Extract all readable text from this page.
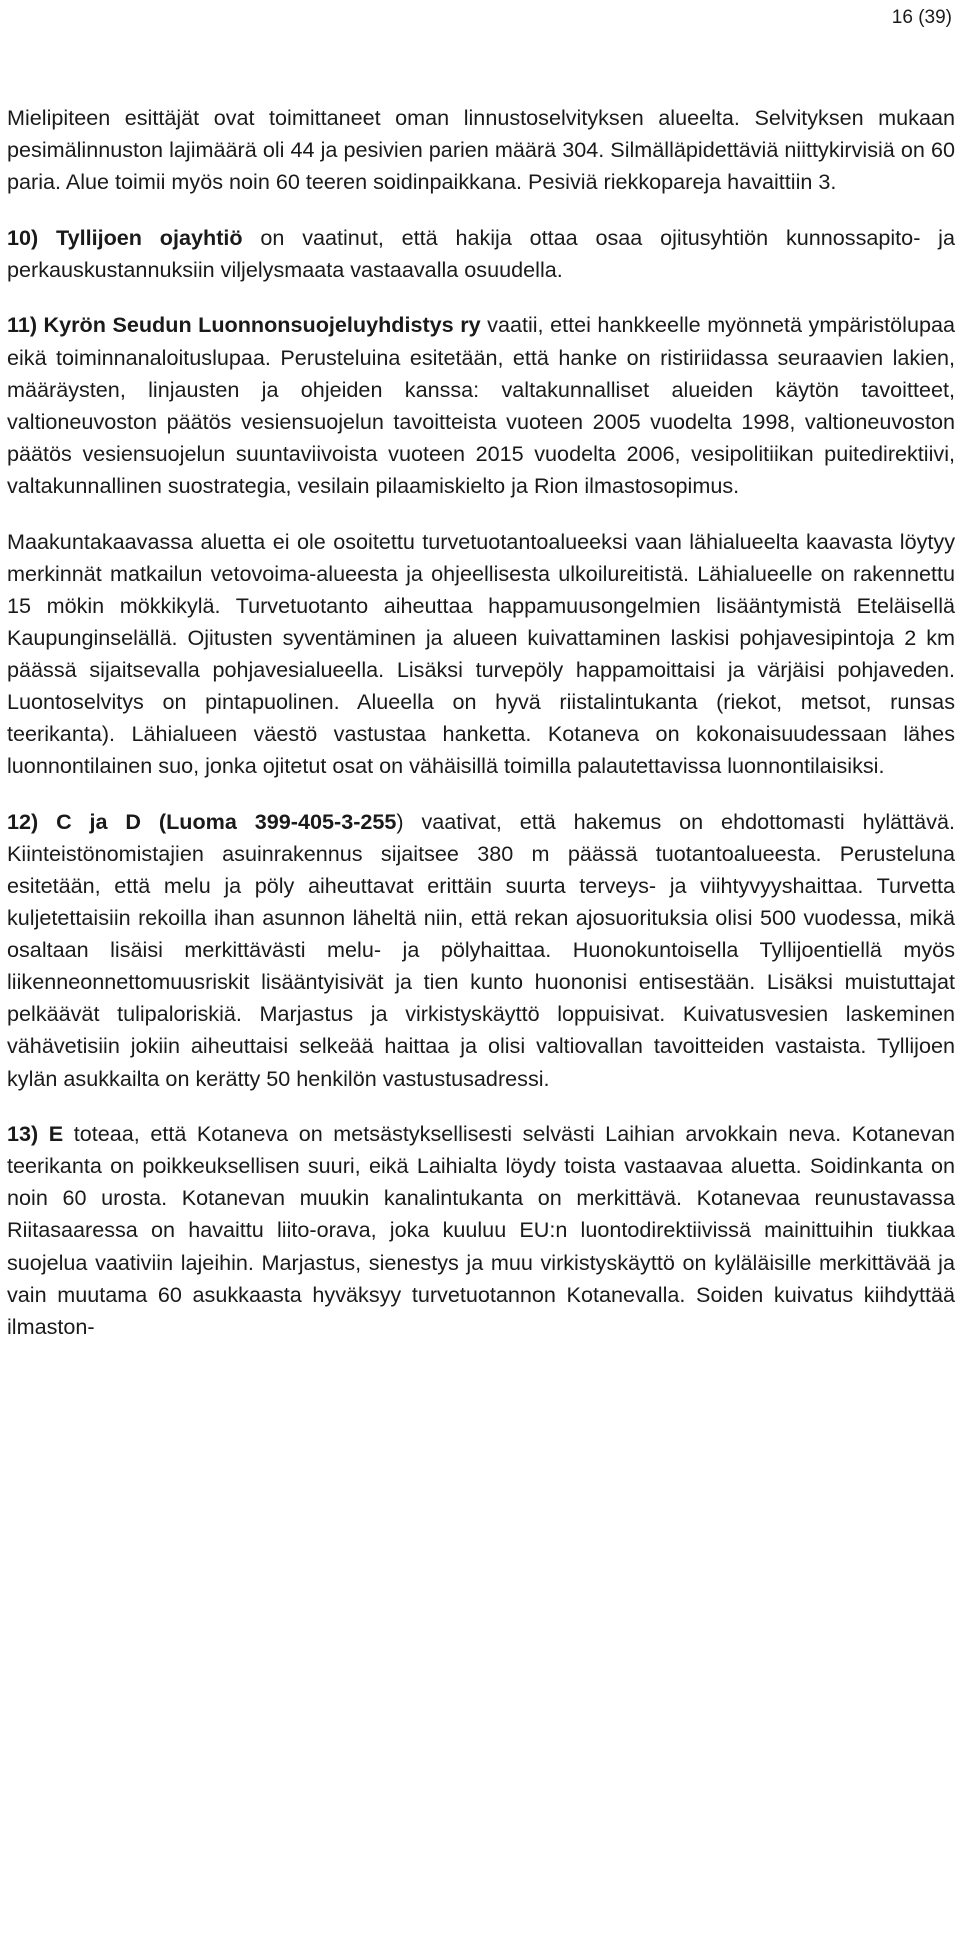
16 (39)

Mielipiteen esittäjät ovat toimittaneet oman linnustoselvityksen alueelta. Selvityksen mukaan pesimälinnuston lajimäärä oli 44 ja pesivien parien määrä 304. Silmälläpidettäviä niittykirvisiä on 60 paria. Alue toimii myös noin 60 teeren soidinpaikkana. Pesiviä riekkopareja havaittiin 3.

10) Tyllijoen ojayhtiö on vaatinut, että hakija ottaa osaa ojitusyhtiön kunnossapito- ja perkauskustannuksiin viljelysmaata vastaavalla osuudella.

11) Kyrön Seudun Luonnonsuojeluyhdistys ry vaatii, ettei hankkeelle myönnetä ympäristölupaa eikä toiminnanaloituslupaa. Perusteluina esitetään, että hanke on ristiriidassa seuraavien lakien, määräysten, linjausten ja ohjeiden kanssa: valtakunnalliset alueiden käytön tavoitteet, valtioneuvoston päätös vesiensuojelun tavoitteista vuoteen 2005 vuodelta 1998, valtioneuvoston päätös vesiensuojelun suuntaviivoista vuoteen 2015 vuodelta 2006, vesipolitiikan puitedirektiivi, valtakunnallinen suostrategia, vesilain pilaamiskielto ja Rion ilmastosopimus.

Maakuntakaavassa aluetta ei ole osoitettu turvetuotantoalueeksi vaan lähialueelta kaavasta löytyy merkinnät matkailun vetovoima-alueesta ja ohjeellisesta ulkoilureitistä. Lähialueelle on rakennettu 15 mökin mökkikylä. Turvetuotanto aiheuttaa happamuusongelmien lisääntymistä Eteläisellä Kaupunginselällä. Ojitusten syventäminen ja alueen kuivattaminen laskisi pohjavesipintoja 2 km päässä sijaitsevalla pohjavesialueella. Lisäksi turvepöly happamoittaisi ja värjäisi pohjaveden. Luontoselvitys on pintapuolinen. Alueella on hyvä riistalintukanta (riekot, metsot, runsas teerikanta). Lähialueen väestö vastustaa hanketta. Kotaneva on kokonaisuudessaan lähes luonnontilainen suo, jonka ojitetut osat on vähäisillä toimilla palautettavissa luonnontilaisiksi.

12) C ja D (Luoma 399-405-3-255) vaativat, että hakemus on ehdottomasti hylättävä. Kiinteistönomistajien asuinrakennus sijaitsee 380 m päässä tuotantoalueesta. Perusteluna esitetään, että melu ja pöly aiheuttavat erittäin suurta terveys- ja viihtyvyyshaittaa. Turvetta kuljetettaisiin rekoilla ihan asunnon läheltä niin, että rekan ajosuorituksia olisi 500 vuodessa, mikä osaltaan lisäisi merkittävästi melu- ja pölyhaittaa. Huonokuntoisella Tyllijoentiellä myös liikenneonnettomuusriskit lisääntyisivät ja tien kunto huononisi entisestään. Lisäksi muistuttajat pelkäävät tulipaloriskiä. Marjastus ja virkistyskäyttö loppuisivat. Kuivatusvesien laskeminen vähävetisiin jokiin aiheuttaisi selkeää haittaa ja olisi valtiovallan tavoitteiden vastaista. Tyllijoen kylän asukkailta on kerätty 50 henkilön vastustusadressi.

13) E toteaa, että Kotaneva on metsästyksellisesti selvästi Laihian arvokkain neva. Kotanevan teerikanta on poikkeuksellisen suuri, eikä Laihialta löydy toista vastaavaa aluetta. Soidinkanta on noin 60 urosta. Kotanevan muukin kanalintukanta on merkittävä. Kotanevaa reunustavassa Riitasaaressa on havaittu liito-orava, joka kuuluu EU:n luontodirektiivissä mainittuihin tiukkaa suojelua vaativiin lajeihin. Marjastus, sienestys ja muu virkistyskäyttö on kyläläisille merkittävää ja vain muutama 60 asukkaasta hyväksyy turvetuotannon Kotanevalla. Soiden kuivatus kiihdyttää ilmaston-
